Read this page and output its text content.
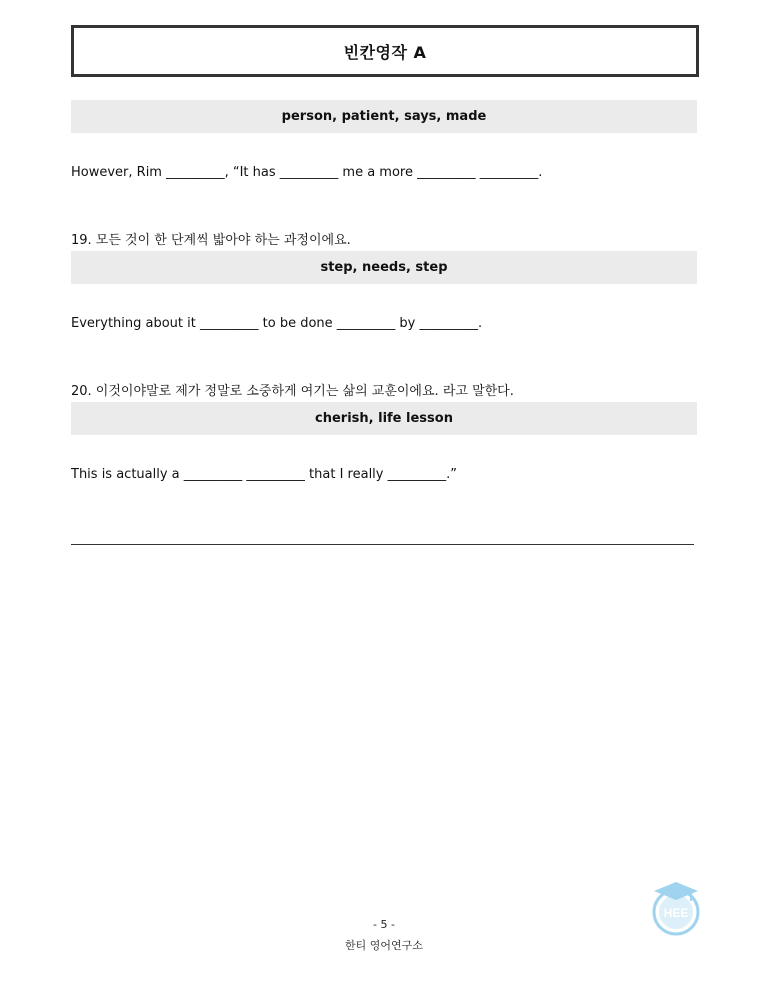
빈칸영작 A
person, patient, says, made
However, Rim _________, “It has _________ me a more _________ _________.
19. 모든 것이 한 단계씩 밟아야 하는 과정이에요.
step, needs, step
Everything about it _________ to be done _________ by _________.
20. 이것이야말로 제가 정말로 소중하게 여기는 삶의 교훈이에요. 라고 말한다.
cherish, life lesson
This is actually a _________ _________ that I really _________.”
HEE
- 5 -
한티 영어연구소
